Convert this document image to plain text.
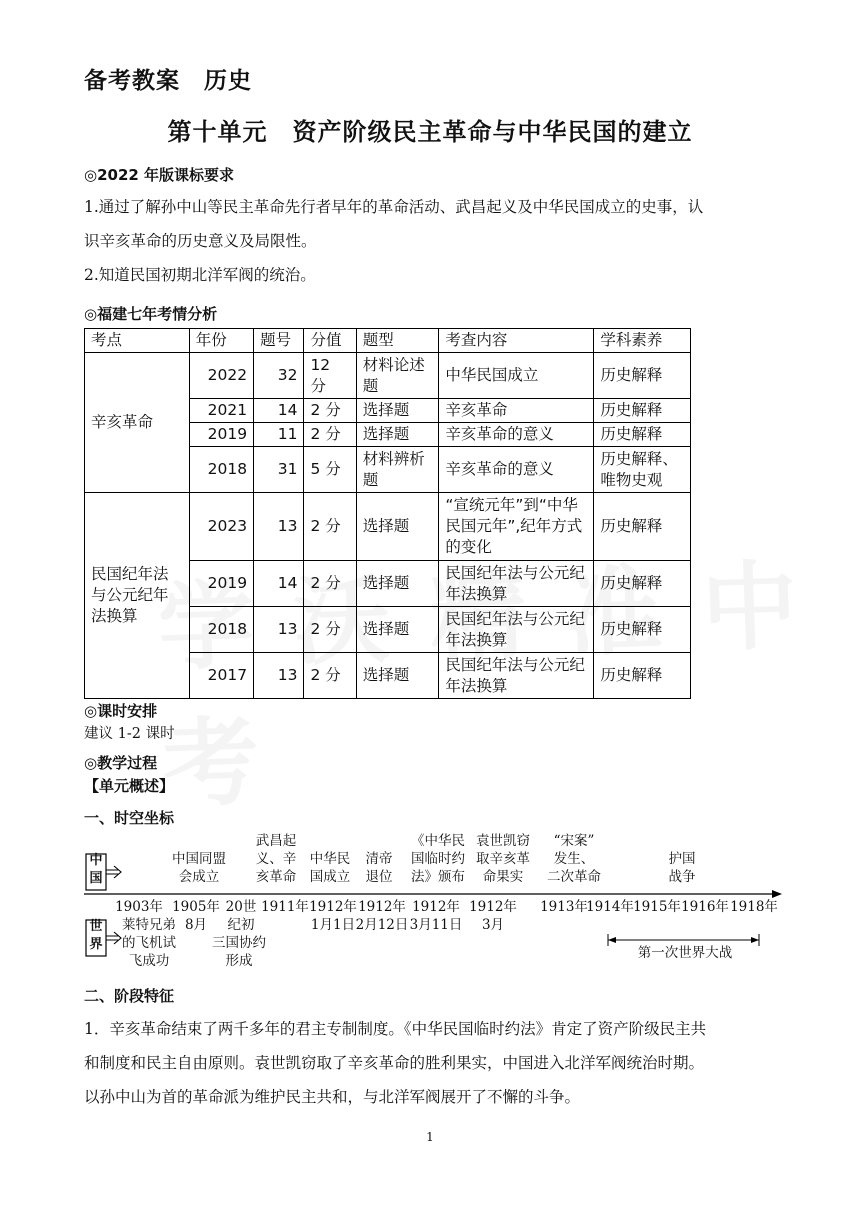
备考教案　历史
第十单元　资产阶级民主革命与中华民国的建立
◎2022 年版课标要求
1.通过了解孙中山等民主革命先行者早年的革命活动、武昌起义及中华民国成立的史事，认
识辛亥革命的历史意义及局限性。
2.知道民国初期北洋军阀的统治。
◎福建七年考情分析
考点	年份	题号	分值	题型	考查内容	学科素养
辛亥革命	2022	32	12 分	材料论述题	中华民国成立	历史解释
	2021	14	2 分	选择题	辛亥革命	历史解释
	2019	11	2 分	选择题	辛亥革命的意义	历史解释
	2018	31	5 分	材料辨析题	辛亥革命的意义	历史解释、唯物史观
民国纪年法与公元纪年法换算	2023	13	2 分	选择题	“宣统元年”到“中华民国元年”,纪年方式的变化	历史解释
	2019	14	2 分	选择题	民国纪年法与公元纪年法换算	历史解释
	2018	13	2 分	选择题	民国纪年法与公元纪年法换算	历史解释
	2017	13	2 分	选择题	民国纪年法与公元纪年法换算	历史解释
◎课时安排
建议 1-2 课时
◎教学过程
【单元概述】
一、时空坐标
中
国
世
界
中国同盟
会成立
武昌起
义、辛
亥革命
中华民
国成立
清帝
退位
《中华民
国临时约
法》颁布
袁世凯窃
取辛亥革
命果实
“宋案”
发生、
二次革命
护国
战争
1903年 1905年
8月
20世
纪初
1911年 1912年
1月1日
1912年
2月12日
1912年
3月11日
1912年
3月
1913年
1914年 1915年 1916年 1918年
莱特兄弟
的飞机试
飞成功
三国协约
形成	第一次世界大战
二、阶段特征
1．辛亥革命结束了两千多年的君主专制制度。《中华民国临时约法》肯定了资产阶级民主共
和制度和民主自由原则。袁世凯窃取了辛亥革命的胜利果实，中国进入北洋军阀统治时期。
以孙中山为首的革命派为维护民主共和，与北洋军阀展开了不懈的斗争。
1
